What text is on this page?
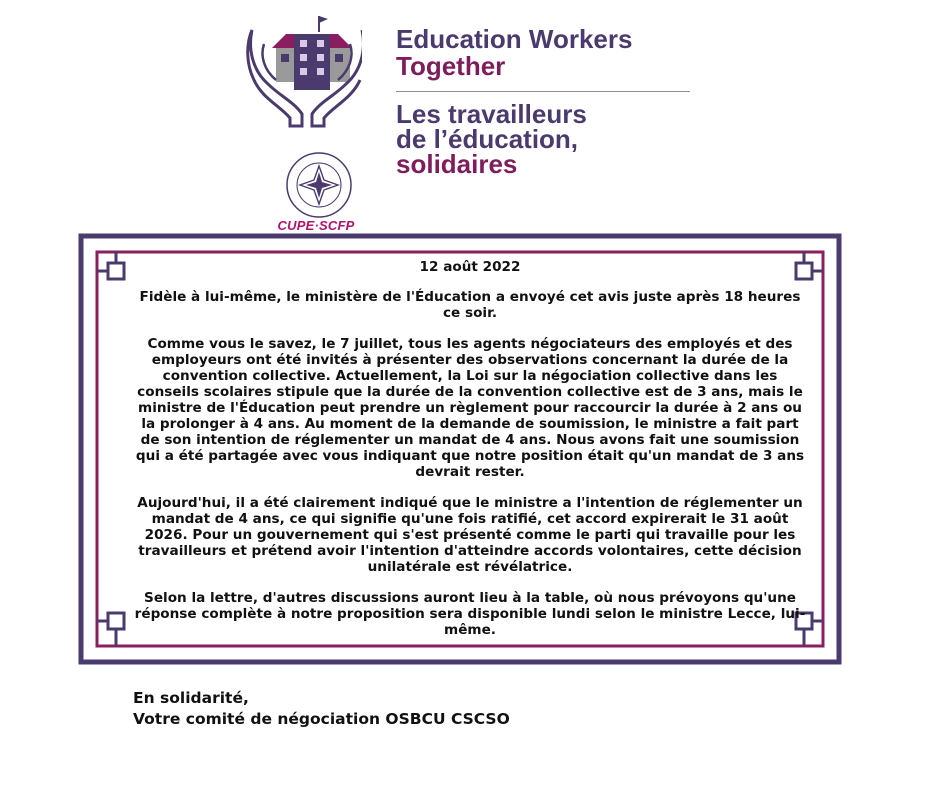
CUPE·SCFP
Education Workers
Together
Les travailleurs
de l’éducation,
solidaires

12 août 2022

Fidèle à lui-même, le ministère de l'Éducation a envoyé cet avis juste après 18 heures ce soir.

Comme vous le savez, le 7 juillet, tous les agents négociateurs des employés et des employeurs ont été invités à présenter des observations concernant la durée de la convention collective. Actuellement, la Loi sur la négociation collective dans les conseils scolaires stipule que la durée de la convention collective est de 3 ans, mais le ministre de l'Éducation peut prendre un règlement pour raccourcir la durée à 2 ans ou la prolonger à 4 ans. Au moment de la demande de soumission, le ministre a fait part de son intention de réglementer un mandat de 4 ans. Nous avons fait une soumission qui a été partagée avec vous indiquant que notre position était qu'un mandat de 3 ans devrait rester.

Aujourd'hui, il a été clairement indiqué que le ministre a l'intention de réglementer un mandat de 4 ans, ce qui signifie qu'une fois ratifié, cet accord expirerait le 31 août 2026. Pour un gouvernement qui s'est présenté comme le parti qui travaille pour les travailleurs et prétend avoir l'intention d'atteindre accords volontaires, cette décision unilatérale est révélatrice.

Selon la lettre, d'autres discussions auront lieu à la table, où nous prévoyons qu'une réponse complète à notre proposition sera disponible lundi selon le ministre Lecce, lui-même.

En solidarité,
Votre comité de négociation OSBCU CSCSO
